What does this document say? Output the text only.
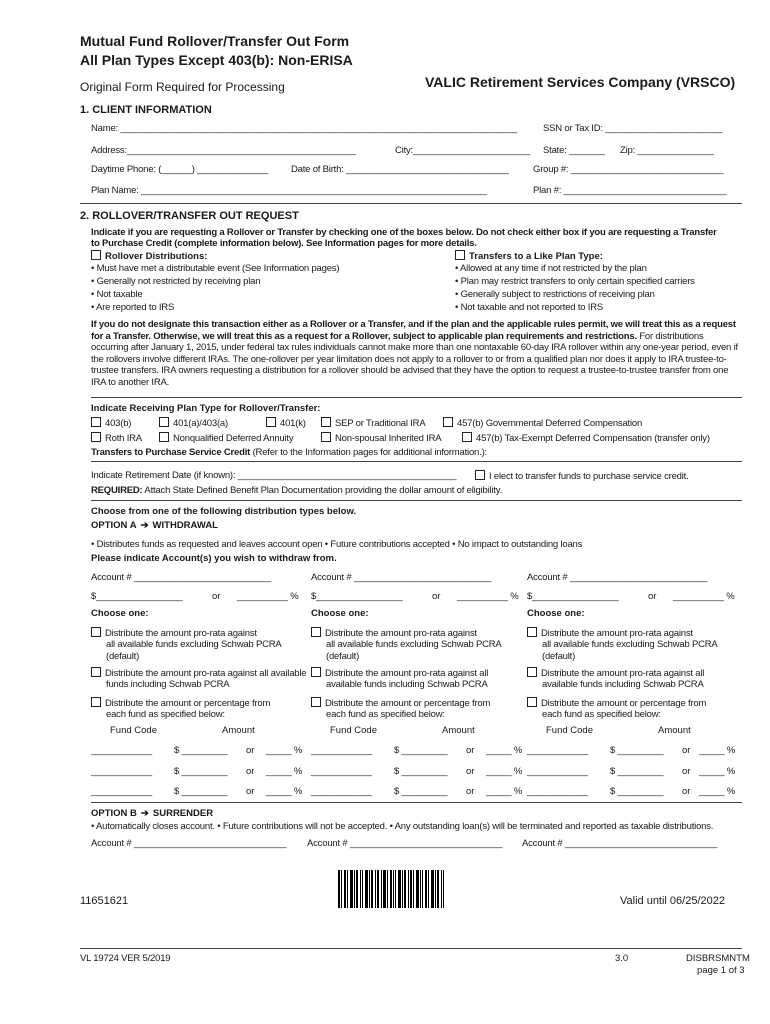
Mutual Fund Rollover/Transfer Out Form
All Plan Types Except 403(b): Non-ERISA
Original Form Required for Processing	VALIC Retirement Services Company (VRSCO)
1. CLIENT INFORMATION
Name: ______________________________________________________________________________	SSN or Tax ID: _______________________
Address:_____________________________________________	City:_______________________ State: _______ Zip: _______________
Daytime Phone: (______) ______________ Date of Birth: ________________________________	Group #: ______________________________
Plan Name: ____________________________________________________________________	Plan #: ________________________________
2. ROLLOVER/TRANSFER OUT REQUEST
Indicate if you are requesting a Rollover or Transfer by checking one of the boxes below. Do not check either box if you are requesting a Transfer
to Purchase Credit (complete information below). See Information pages for more details.
Rollover Distributions:
• Must have met a distributable event (See Information pages)
• Generally not restricted by receiving plan
• Not taxable
• Are reported to IRS
Transfers to a Like Plan Type:
• Allowed at any time if not restricted by the plan
• Plan may restrict transfers to only certain specified carriers
• Generally subject to restrictions of receiving plan
• Not taxable and not reported to IRS
If you do not designate this transaction either as a Rollover or a Transfer, and if the plan and the applicable rules permit, we will treat this as a request for a Transfer. Otherwise, we will treat this as a request for a Rollover, subject to applicable plan requirements and restrictions. For distributions occurring after January 1, 2015, under federal tax rules individuals cannot make more than one nontaxable 60-day IRA rollover within any one-year period, even if the rollovers involve different IRAs. The one-rollover per year limitation does not apply to a rollover to or from a qualified plan nor does it apply to IRA trustee-to-trustee transfers. IRA owners requesting a distribution for a rollover should be advised that they have the option to request a trustee-to-trustee transfer from one IRA to another IRA.
Indicate Receiving Plan Type for Rollover/Transfer:
403(b)	401(a)/403(a)	401(k)	SEP or Traditional IRA	457(b) Governmental Deferred Compensation
Roth IRA	Nonqualified Deferred Annuity	Non-spousal Inherited IRA	457(b) Tax-Exempt Deferred Compensation (transfer only)
Transfers to Purchase Service Credit (Refer to the Information pages for additional information.):
Indicate Retirement Date (if known): ___________________________________________	I elect to transfer funds to purchase service credit.
REQUIRED: Attach State Defined Benefit Plan Documentation providing the dollar amount of eligibility.
Choose from one of the following distribution types below.
OPTION A ➔ WITHDRAWAL
• Distributes funds as requested and leaves account open • Future contributions accepted • No impact to outstanding loans
Please indicate Account(s) you wish to withdraw from.
Account # ___________________________
$_________________	or __________ %
Choose one:
Distribute the amount pro-rata against
all available funds excluding Schwab PCRA
(default)
Distribute the amount pro-rata against all available
funds including Schwab PCRA
Distribute the amount or percentage from
each fund as specified below:
Fund Code	Amount
Account # ___________________________
$_________________	or __________ %
Choose one:
Distribute the amount pro-rata against
all available funds excluding Schwab PCRA
(default)
Distribute the amount pro-rata against all
available funds including Schwab PCRA
Distribute the amount or percentage from
each fund as specified below:
Fund Code	Amount
Account # ___________________________
$_________________	or __________ %
Choose one:
Distribute the amount pro-rata against
all available funds excluding Schwab PCRA
(default)
Distribute the amount pro-rata against all
available funds including Schwab PCRA
Distribute the amount or percentage from
each fund as specified below:
Fund Code	Amount
____________ $ _________ or _____ % ____________ $ _________ or _____ % ____________ $ _________ or _____ %
____________ $ _________ or _____ % ____________ $ _________ or _____ % ____________ $ _________ or _____ %
____________ $ _________ or _____ % ____________ $ _________ or _____ % ____________ $ _________ or _____ %
OPTION B ➔ SURRENDER
• Automatically closes account. • Future contributions will not be accepted. • Any outstanding loan(s) will be terminated and reported as taxable distributions.
Account # ______________________________ Account # ______________________________ Account # ______________________________
11651621	Valid until 06/25/2022
VL 19724 VER 5/2019	3.0	DISBRSMNTM
page 1 of 3
